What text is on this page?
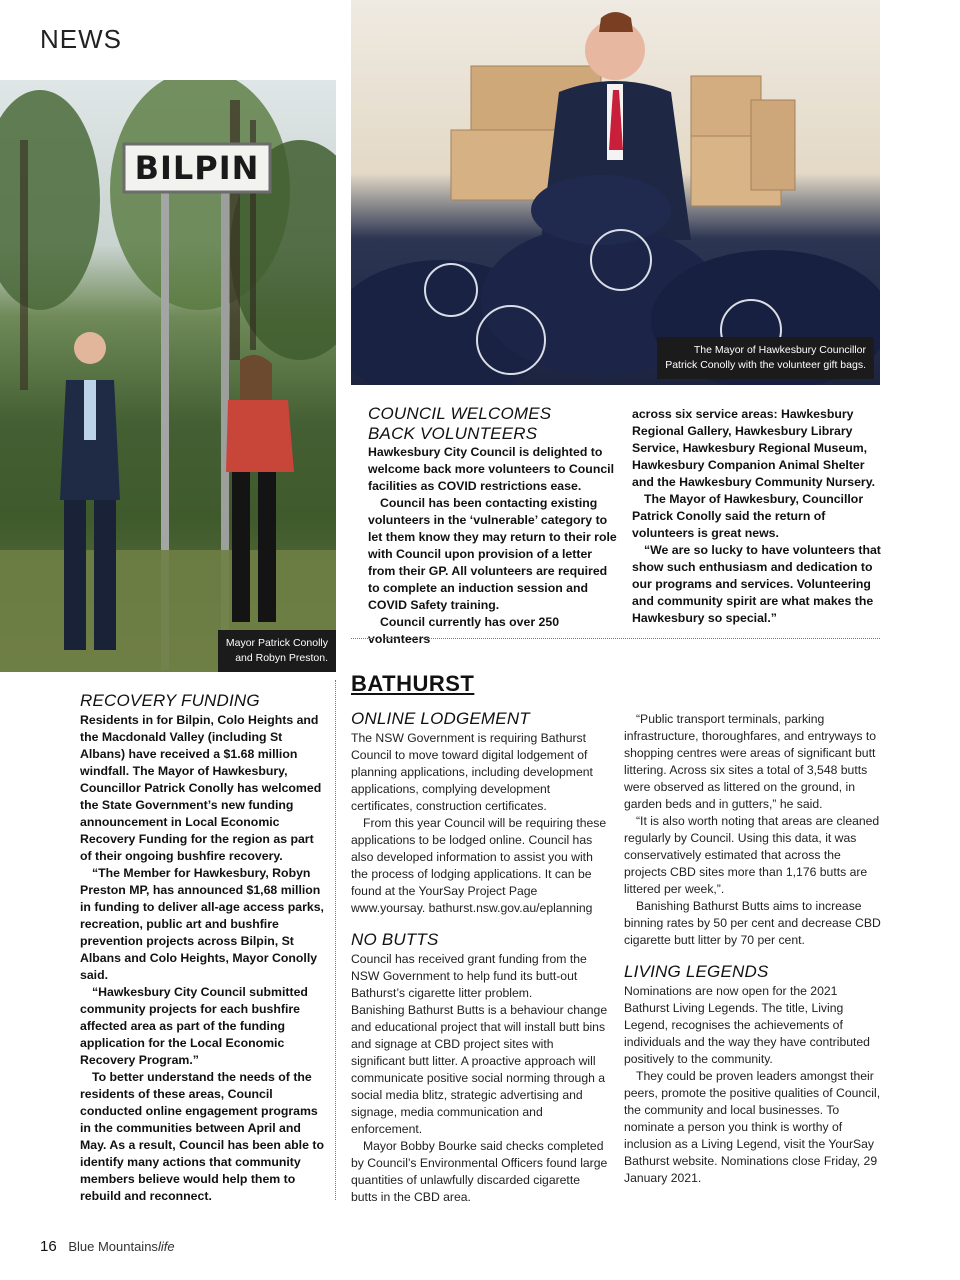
NEWS
BILPIN
Mayor Patrick Conolly
and Robyn Preston.
The Mayor of Hawkesbury Councillor
Patrick Conolly with the volunteer gift bags.
COUNCIL WELCOMES
BACK VOLUNTEERS

Hawkesbury City Council is delighted to welcome back more volunteers to Council facilities as COVID restrictions ease.

Council has been contacting existing volunteers in the ‘vulnerable’ category to let them know they may return to their role with Council upon provision of a letter from their GP. All volunteers are required to complete an induction session and COVID Safety training.

Council currently has over 250 volunteers

across six service areas: Hawkesbury Regional Gallery, Hawkesbury Library Service, Hawkesbury Regional Museum, Hawkesbury Companion Animal Shelter and the Hawkesbury Community Nursery.

The Mayor of Hawkesbury, Councillor Patrick Conolly said the return of volunteers is great news.

“We are so lucky to have volunteers that show such enthusiasm and dedication to our programs and services. Volunteering and community spirit are what makes the Hawkesbury so special.”

RECOVERY FUNDING

Residents in for Bilpin, Colo Heights and the Macdonald Valley (including St Albans) have received a $1.68 million windfall. The Mayor of Hawkesbury, Councillor Patrick Conolly has welcomed the State Government’s new funding announcement in Local Economic Recovery Funding for the region as part of their ongoing bushfire recovery.

“The Member for Hawkesbury, Robyn Preston MP, has announced $1,68 million in funding to deliver all-age access parks, recreation, public art and bushfire prevention projects across Bilpin, St Albans and Colo Heights, Mayor Conolly said.

“Hawkesbury City Council submitted community projects for each bushfire affected area as part of the funding application for the Local Economic Recovery Program.”

To better understand the needs of the residents of these areas, Council conducted online engagement programs in the communities between April and May. As a result, Council has been able to identify many actions that community members believe would help them to rebuild and reconnect.

BATHURST
ONLINE LODGEMENT

The NSW Government is requiring Bathurst Council to move toward digital lodgement of planning applications, including development applications, complying development certificates, construction certificates.

From this year Council will be requiring these applications to be lodged online. Council has also developed information to assist you with the process of lodging applications. It can be found at the YourSay Project Page www.yoursay. bathurst.nsw.gov.au/eplanning

NO BUTTS

Council has received grant funding from the NSW Government to help fund its butt-out Bathurst’s cigarette litter problem.

Banishing Bathurst Butts is a behaviour change and educational project that will install butt bins and signage at CBD project sites with significant butt litter. A proactive approach will communicate positive social norming through a social media blitz, strategic advertising and signage, media communication and enforcement.

Mayor Bobby Bourke said checks completed by Council’s Environmental Officers found large quantities of unlawfully discarded cigarette butts in the CBD area.

“Public transport terminals, parking infrastructure, thoroughfares, and entryways to shopping centres were areas of significant butt littering. Across six sites a total of 3,548 butts were observed as littered on the ground, in garden beds and in gutters,” he said.

“It is also worth noting that areas are cleaned regularly by Council. Using this data, it was conservatively estimated that across the projects CBD sites more than 1,176 butts are littered per week,”.

Banishing Bathurst Butts aims to increase binning rates by 50 per cent and decrease CBD cigarette butt litter by 70 per cent.

LIVING LEGENDS

Nominations are now open for the 2021 Bathurst Living Legends. The title, Living Legend, recognises the achievements of individuals and the way they have contributed positively to the community.

They could be proven leaders amongst their peers, promote the positive qualities of Council, the community and local businesses. To nominate a person you think is worthy of inclusion as a Living Legend, visit the YourSay Bathurst website. Nominations close Friday, 29 January 2021.

16 Blue Mountainslife
